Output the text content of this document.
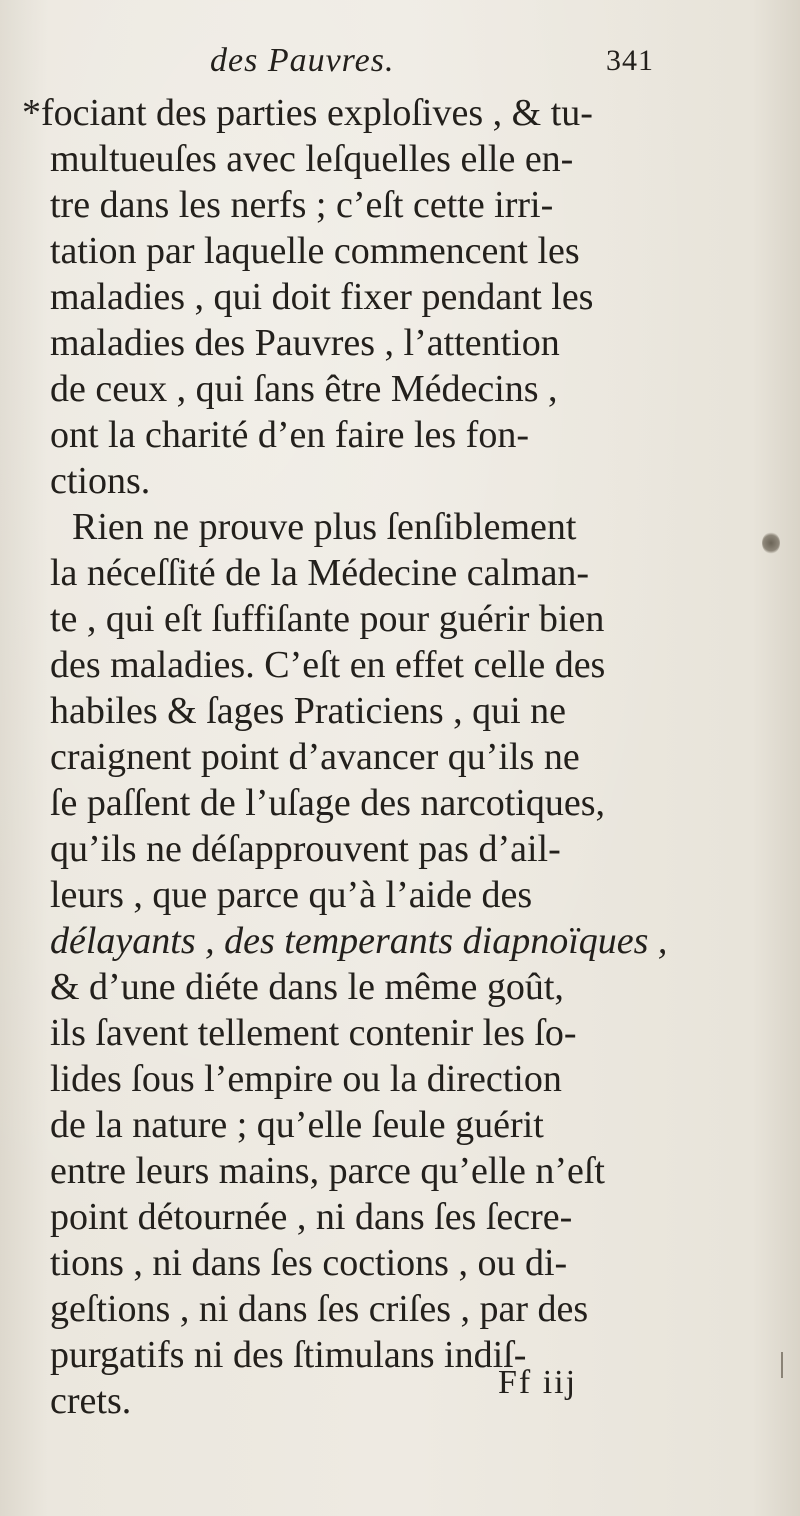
des Pauvres.	341
*fociant des parties exploſives , & tu-
multueuſes avec leſquelles elle en-
tre dans les nerfs ; c’eſt cette irri-
tation par laquelle commencent les
maladies , qui doit fixer pendant les
maladies des Pauvres , l’attention
de ceux , qui ſans être Médecins ,
ont la charité d’en faire les fon-
ctions.
Rien ne prouve plus ſenſiblement
la néceſſité de la Médecine calman-
te , qui eſt ſuffiſante pour guérir bien
des maladies. C’eſt en effet celle des
habiles & ſages Praticiens , qui ne
craignent point d’avancer qu’ils ne
ſe paſſent de l’uſage des narcotiques,
qu’ils ne déſapprouvent pas d’ail-
leurs , que parce qu’à l’aide des
délayants , des temperants diapnoïques ,
& d’une diéte dans le même goût,
ils ſavent tellement contenir les ſo-
lides ſous l’empire ou la direction
de la nature ; qu’elle ſeule guérit
entre leurs mains, parce qu’elle n’eſt
point détournée , ni dans ſes ſecre-
tions , ni dans ſes coctions , ou di-
geſtions , ni dans ſes criſes , par des
purgatifs ni des ſtimulans indiſ-
crets.	Ff iij
